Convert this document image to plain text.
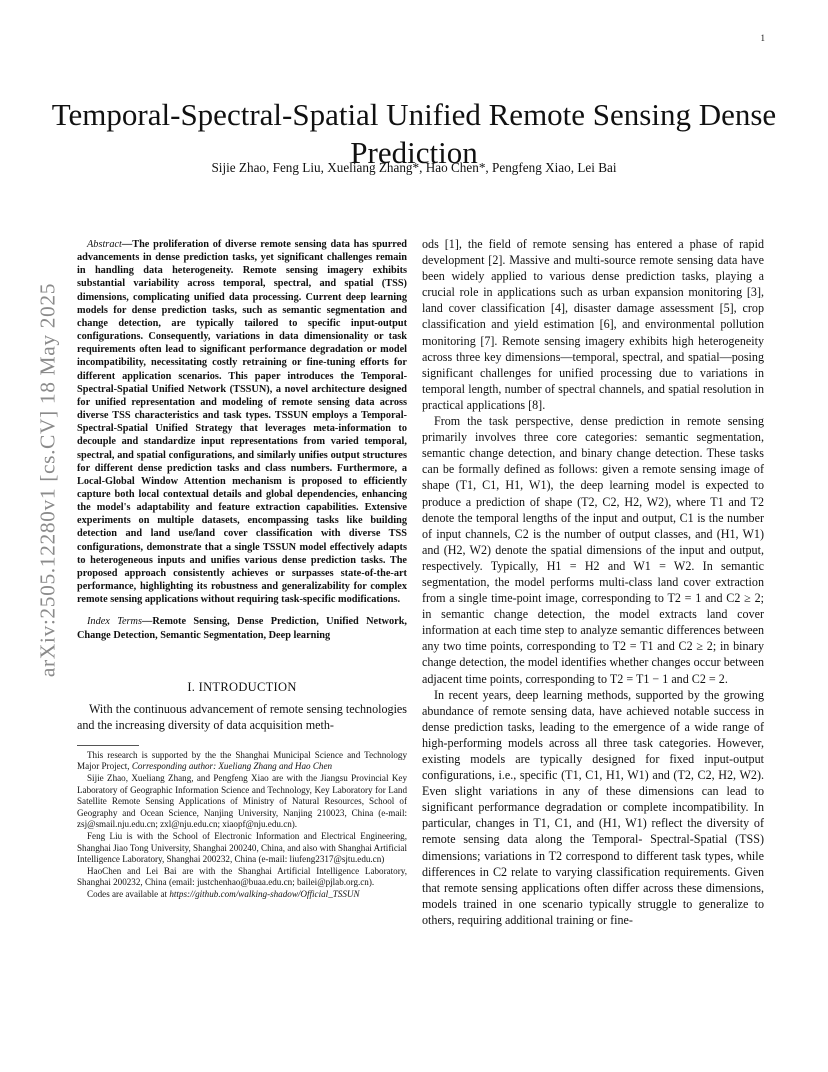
1
arXiv:2505.12280v1 [cs.CV] 18 May 2025
Temporal-Spectral-Spatial Unified Remote Sensing Dense Prediction
Sijie Zhao, Feng Liu, Xueliang Zhang*, Hao Chen*, Pengfeng Xiao, Lei Bai

Abstract—The proliferation of diverse remote sensing data has spurred advancements in dense prediction tasks, yet significant challenges remain in handling data heterogeneity. Remote sensing imagery exhibits substantial variability across temporal, spectral, and spatial (TSS) dimensions, complicating unified data processing. Current deep learning models for dense prediction tasks, such as semantic segmentation and change detection, are typically tailored to specific input-output configurations. Consequently, variations in data dimensionality or task requirements often lead to significant performance degradation or model incompatibility, necessitating costly retraining or fine-tuning efforts for different application scenarios. This paper introduces the Temporal-Spectral-Spatial Unified Network (TSSUN), a novel architecture designed for unified representation and modeling of remote sensing data across diverse TSS characteristics and task types. TSSUN employs a Temporal-Spectral-Spatial Unified Strategy that leverages meta-information to decouple and standardize input representations from varied temporal, spectral, and spatial configurations, and similarly unifies output structures for different dense prediction tasks and class numbers. Furthermore, a Local-Global Window Attention mechanism is proposed to efficiently capture both local contextual details and global dependencies, enhancing the model's adaptability and feature extraction capabilities. Extensive experiments on multiple datasets, encompassing tasks like building detection and land use/land cover classification with diverse TSS configurations, demonstrate that a single TSSUN model effectively adapts to heterogeneous inputs and unifies various dense prediction tasks. The proposed approach consistently achieves or surpasses state-of-the-art performance, highlighting its robustness and generalizability for complex remote sensing applications without requiring task-specific modifications.

Index Terms—Remote Sensing, Dense Prediction, Unified Network, Change Detection, Semantic Segmentation, Deep learning

I. INTRODUCTION

With the continuous advancement of remote sensing technologies and the increasing diversity of data acquisition meth-

This research is supported by the the Shanghai Municipal Science and Technology Major Project, Corresponding author: Xueliang Zhang and Hao Chen

Sijie Zhao, Xueliang Zhang, and Pengfeng Xiao are with the Jiangsu Provincial Key Laboratory of Geographic Information Science and Technology, Key Laboratory for Land Satellite Remote Sensing Applications of Ministry of Natural Resources, School of Geography and Ocean Science, Nanjing University, Nanjing 210023, China (e-mail: zsj@smail.nju.edu.cn; zxl@nju.edu.cn; xiaopf@nju.edu.cn).

Feng Liu is with the School of Electronic Information and Electrical Engineering, Shanghai Jiao Tong University, Shanghai 200240, China, and also with Shanghai Artificial Intelligence Laboratory, Shanghai 200232, China (e-mail: liufeng2317@sjtu.edu.cn)

HaoChen and Lei Bai are with the Shanghai Artificial Intelligence Laboratory, Shanghai 200232, China (email: justchenhao@buaa.edu.cn; bailei@pjlab.org.cn).

Codes are available at https://github.com/walking-shadow/Official_TSSUN

ods [1], the field of remote sensing has entered a phase of rapid development [2]. Massive and multi-source remote sensing data have been widely applied to various dense prediction tasks, playing a crucial role in applications such as urban expansion monitoring [3], land cover classification [4], disaster damage assessment [5], crop classification and yield estimation [6], and environmental pollution monitoring [7]. Remote sensing imagery exhibits high heterogeneity across three key dimensions—temporal, spectral, and spatial—posing significant challenges for unified processing due to variations in temporal length, number of spectral channels, and spatial resolution in practical applications [8].

From the task perspective, dense prediction in remote sensing primarily involves three core categories: semantic segmentation, semantic change detection, and binary change detection. These tasks can be formally defined as follows: given a remote sensing image of shape (T1, C1, H1, W1), the deep learning model is expected to produce a prediction of shape (T2, C2, H2, W2), where T1 and T2 denote the temporal lengths of the input and output, C1 is the number of input channels, C2 is the number of output classes, and (H1, W1) and (H2, W2) denote the spatial dimensions of the input and output, respectively. Typically, H1 = H2 and W1 = W2. In semantic segmentation, the model performs multi-class land cover extraction from a single time-point image, corresponding to T2 = 1 and C2 ≥ 2; in semantic change detection, the model extracts land cover information at each time step to analyze semantic differences between any two time points, corresponding to T2 = T1 and C2 ≥ 2; in binary change detection, the model identifies whether changes occur between adjacent time points, corresponding to T2 = T1 − 1 and C2 = 2.

In recent years, deep learning methods, supported by the growing abundance of remote sensing data, have achieved notable success in dense prediction tasks, leading to the emergence of a wide range of high-performing models across all three task categories. However, existing models are typically designed for fixed input-output configurations, i.e., specific (T1, C1, H1, W1) and (T2, C2, H2, W2). Even slight variations in any of these dimensions can lead to significant performance degradation or complete incompatibility. In particular, changes in T1, C1, and (H1, W1) reflect the diversity of remote sensing data along the Temporal- Spectral-Spatial (TSS) dimensions; variations in T2 correspond to different task types, while differences in C2 relate to varying classification requirements. Given that remote sensing applications often differ across these dimensions, models trained in one scenario typically struggle to generalize to others, requiring additional training or fine-
